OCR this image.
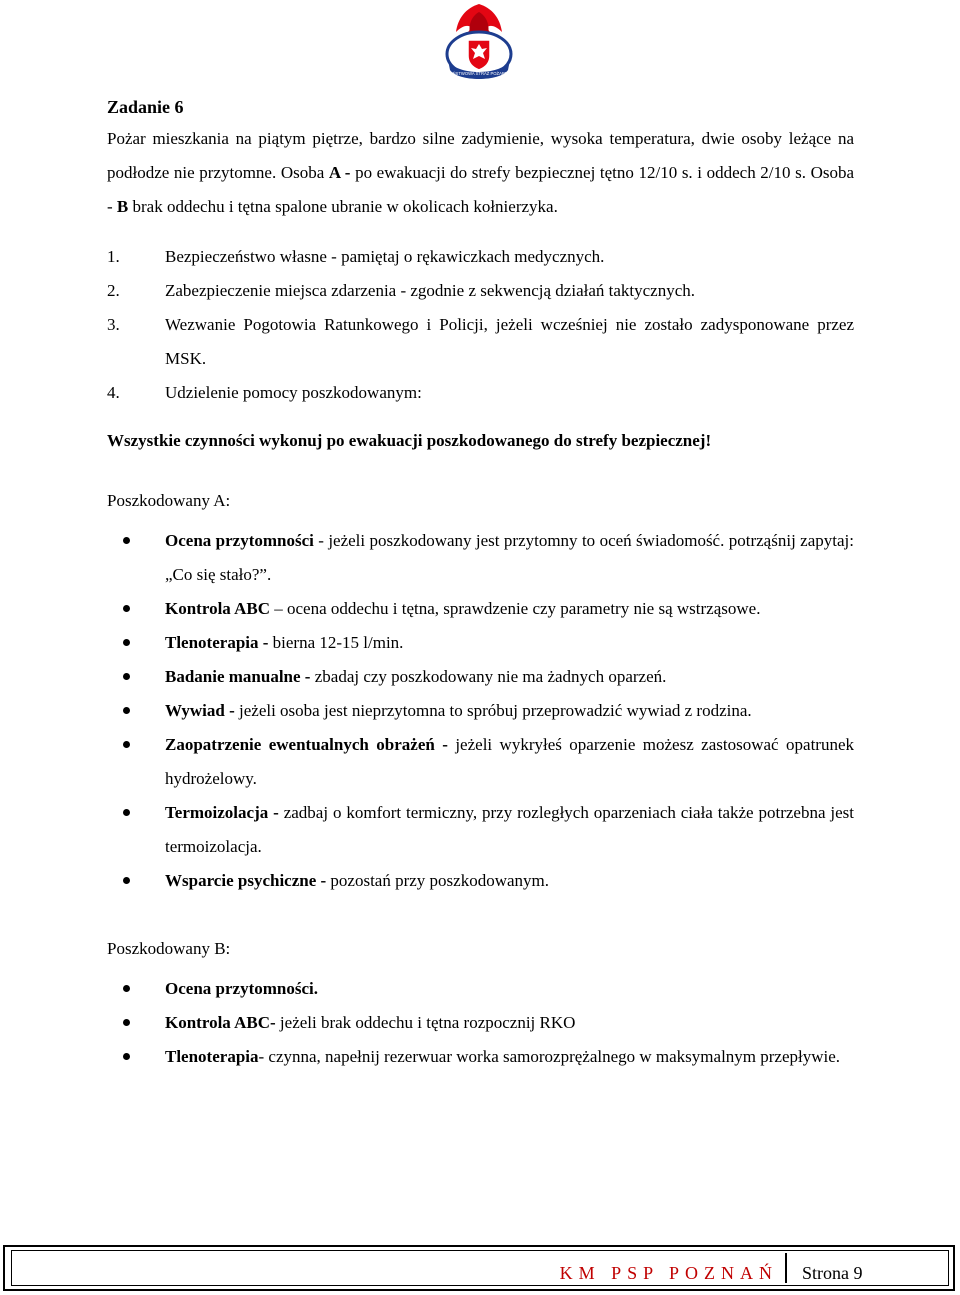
PAŃSTWOWA STRAŻ POŻARNA

Zadanie 6

Pożar mieszkania na piątym piętrze, bardzo silne zadymienie, wysoka temperatura, dwie osoby leżące na podłodze nie przytomne. Osoba A - po ewakuacji do strefy bezpiecznej tętno 12/10 s. i oddech 2/10 s. Osoba - B brak oddechu i tętna spalone ubranie w okolicach kołnierzyka.

1.	Bezpieczeństwo własne - pamiętaj o rękawiczkach medycznych.
2.	Zabezpieczenie miejsca zdarzenia - zgodnie z sekwencją działań taktycznych.
3.	Wezwanie Pogotowia Ratunkowego i Policji, jeżeli wcześniej nie zostało zadysponowane przez MSK.
4.	Udzielenie pomocy poszkodowanym:
Wszystkie czynności wykonuj po ewakuacji poszkodowanego do strefy bezpiecznej!
Poszkodowany A:
Ocena przytomności - jeżeli poszkodowany jest przytomny to oceń świadomość. potrząśnij zapytaj: „Co się stało?”.
Kontrola ABC – ocena oddechu i tętna, sprawdzenie czy parametry nie są wstrząsowe.
Tlenoterapia - bierna 12-15 l/min.
Badanie manualne - zbadaj czy poszkodowany nie ma żadnych oparzeń.
Wywiad - jeżeli osoba jest nieprzytomna to spróbuj przeprowadzić wywiad z rodzina.
Zaopatrzenie ewentualnych obrażeń - jeżeli wykryłeś oparzenie możesz zastosować opatrunek hydrożelowy.
Termoizolacja - zadbaj o komfort termiczny, przy rozległych oparzeniach ciała także potrzebna jest termoizolacja.
Wsparcie psychiczne - pozostań przy poszkodowanym.
Poszkodowany B:
Ocena przytomności.
Kontrola ABC- jeżeli brak oddechu i tętna rozpocznij RKO
Tlenoterapia- czynna, napełnij rezerwuar worka samorozprężalnego w maksymalnym przepływie.
KM PSP POZNAŃ Strona 9
